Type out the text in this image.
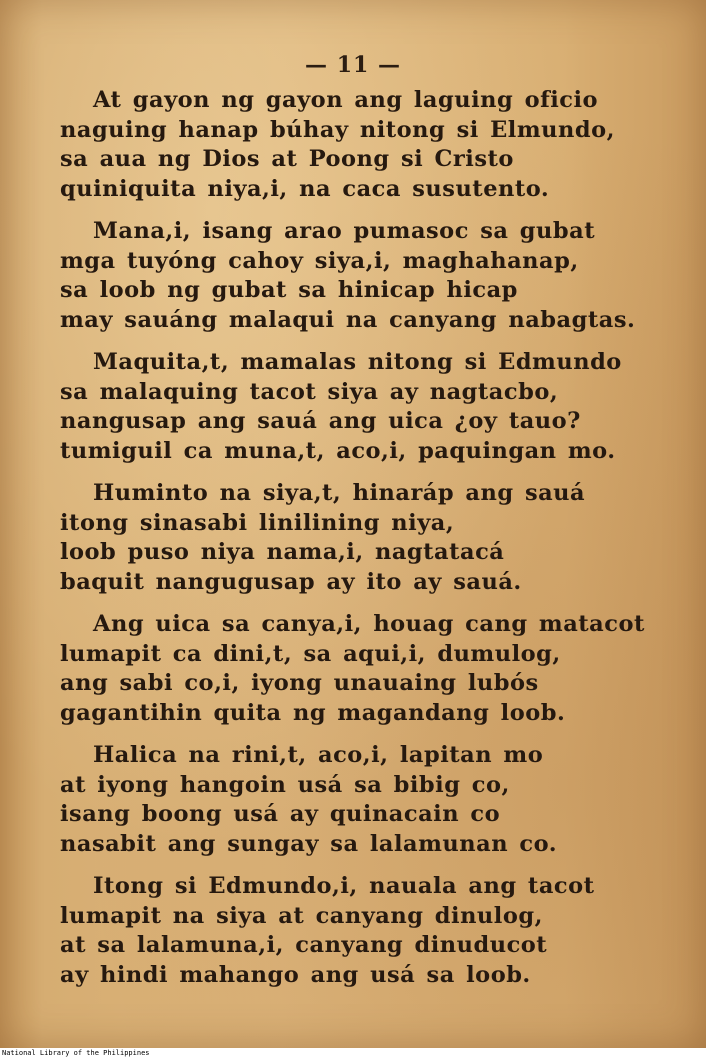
— 11 —
At gayon ng gayon ang laguing oficio
naguing hanap búhay nitong si Elmundo,
sa aua ng Dios at Poong si Cristo
quiniquita niya,i, na caca susutento.
Mana,i, isang arao pumasoc sa gubat
mga tuyóng cahoy siya,i, maghahanap,
sa loob ng gubat sa hinicap hicap
may sauáng malaqui na canyang nabagtas.
Maquita,t, mamalas nitong si Edmundo
sa malaquing tacot siya ay nagtacbo,
nangusap ang sauá ang uica ¿oy tauo?
tumiguil ca muna,t, aco,i, paquingan mo.
Huminto na siya,t, hinaráp ang sauá
itong sinasabi linilining niya,
loob puso niya nama,i, nagtatacá
baquit nangugusap ay ito ay sauá.
Ang uica sa canya,i, houag cang matacot
lumapit ca dini,t, sa aqui,i, dumulog,
ang sabi co,i, iyong unauaing lubós
gagantihin quita ng magandang loob.
Halica na rini,t, aco,i, lapitan mo
at iyong hangoin usá sa bibig co,
isang boong usá ay quinacain co
nasabit ang sungay sa lalamunan co.
Itong si Edmundo,i, nauala ang tacot
lumapit na siya at canyang dinulog,
at sa lalamuna,i, canyang dinuducot
ay hindi mahango ang usá sa loob.
National Library of the Philippines
